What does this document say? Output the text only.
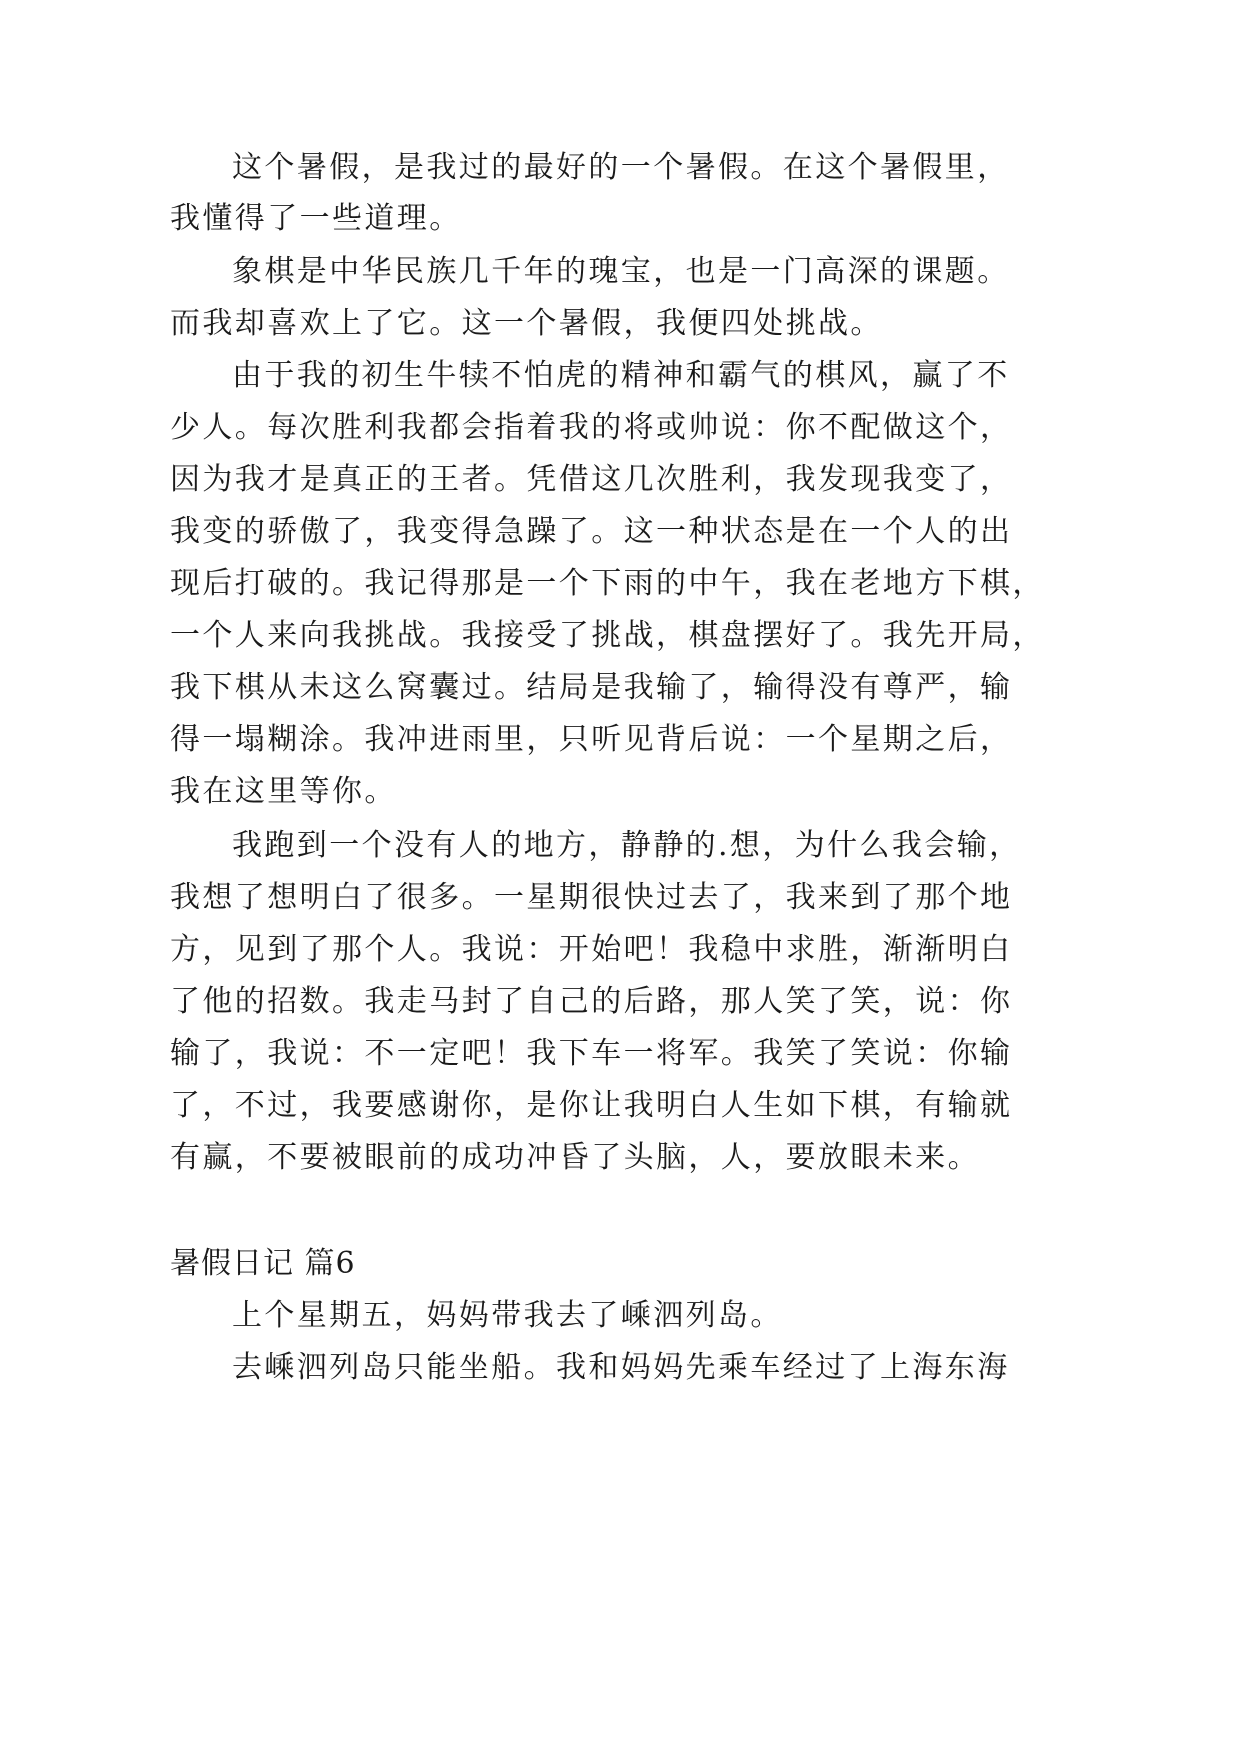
这个暑假，是我过的最好的一个暑假。在这个暑假里，

我懂得了一些道理。

象棋是中华民族几千年的瑰宝，也是一门高深的课题。

而我却喜欢上了它。这一个暑假，我便四处挑战。

由于我的初生牛犊不怕虎的精神和霸气的棋风，赢了不

少人。每次胜利我都会指着我的将或帅说：你不配做这个，

因为我才是真正的王者。凭借这几次胜利，我发现我变了，

我变的骄傲了，我变得急躁了。这一种状态是在一个人的出

现后打破的。我记得那是一个下雨的中午，我在老地方下棋，

一个人来向我挑战。我接受了挑战，棋盘摆好了。我先开局，

我下棋从未这么窝囊过。结局是我输了，输得没有尊严，输

得一塌糊涂。我冲进雨里，只听见背后说：一个星期之后，

我在这里等你。

我跑到一个没有人的地方，静静的.想，为什么我会输，

我想了想明白了很多。一星期很快过去了，我来到了那个地

方，见到了那个人。我说：开始吧！我稳中求胜，渐渐明白

了他的招数。我走马封了自己的后路，那人笑了笑，说：你

输了，我说：不一定吧！我下车一将军。我笑了笑说：你输

了，不过，我要感谢你，是你让我明白人生如下棋，有输就

有赢，不要被眼前的成功冲昏了头脑，人，要放眼未来。

暑假日记 篇6

上个星期五，妈妈带我去了嵊泗列岛。

去嵊泗列岛只能坐船。我和妈妈先乘车经过了上海东海
